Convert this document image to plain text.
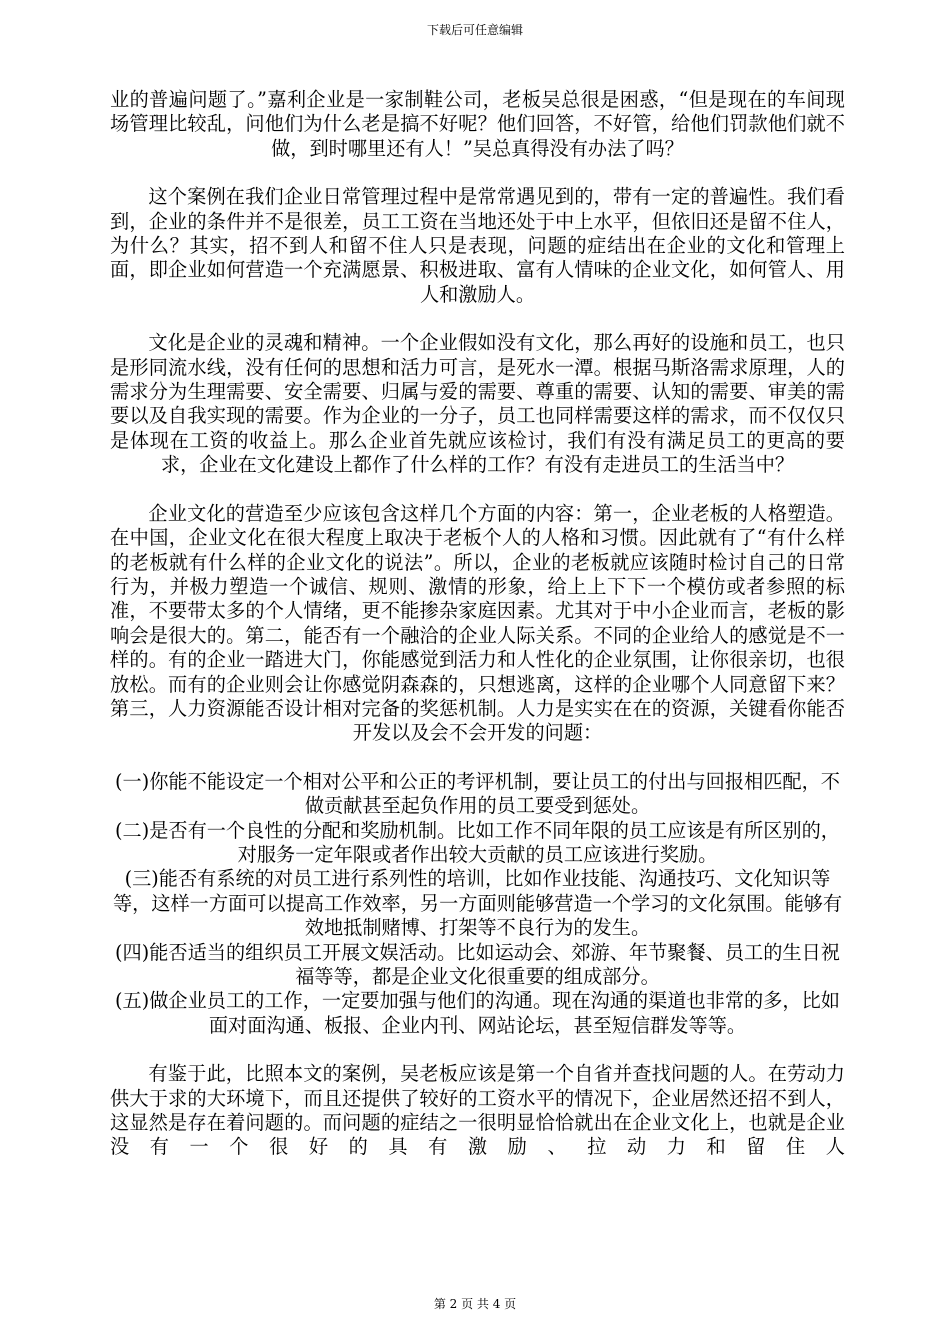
下载后可任意编辑

业的普遍问题了。”嘉利企业是一家制鞋公司，老板吴总很是困惑，“但是现在的车间现场管理比较乱，问他们为什么老是搞不好呢？他们回答，不好管，给他们罚款他们就不做，到时哪里还有人！”吴总真得没有办法了吗？

这个案例在我们企业日常管理过程中是常常遇见到的，带有一定的普遍性。我们看到，企业的条件并不是很差，员工工资在当地还处于中上水平，但依旧还是留不住人，为什么？其实，招不到人和留不住人只是表现，问题的症结出在企业的文化和管理上面，即企业如何营造一个充满愿景、积极进取、富有人情味的企业文化，如何管人、用人和激励人。

文化是企业的灵魂和精神。一个企业假如没有文化，那么再好的设施和员工，也只是形同流水线，没有任何的思想和活力可言，是死水一潭。根据马斯洛需求原理，人的需求分为生理需要、安全需要、归属与爱的需要、尊重的需要、认知的需要、审美的需要以及自我实现的需要。作为企业的一分子，员工也同样需要这样的需求，而不仅仅只是体现在工资的收益上。那么企业首先就应该检讨，我们有没有满足员工的更高的要求，企业在文化建设上都作了什么样的工作？有没有走进员工的生活当中？

企业文化的营造至少应该包含这样几个方面的内容：第一，企业老板的人格塑造。在中国，企业文化在很大程度上取决于老板个人的人格和习惯。因此就有了“有什么样的老板就有什么样的企业文化的说法”。所以，企业的老板就应该随时检讨自己的日常行为，并极力塑造一个诚信、规则、激情的形象，给上上下下一个模仿或者参照的标准，不要带太多的个人情绪，更不能掺杂家庭因素。尤其对于中小企业而言，老板的影响会是很大的。第二，能否有一个融洽的企业人际关系。不同的企业给人的感觉是不一样的。有的企业一踏进大门，你能感觉到活力和人性化的企业氛围，让你很亲切，也很放松。而有的企业则会让你感觉阴森森的，只想逃离，这样的企业哪个人同意留下来？第三，人力资源能否设计相对完备的奖惩机制。人力是实实在在的资源，关键看你能否开发以及会不会开发的问题：

(一)你能不能设定一个相对公平和公正的考评机制，要让员工的付出与回报相匹配，不做贡献甚至起负作用的员工要受到惩处。

(二)是否有一个良性的分配和奖励机制。比如工作不同年限的员工应该是有所区别的，对服务一定年限或者作出较大贡献的员工应该进行奖励。

(三)能否有系统的对员工进行系列性的培训，比如作业技能、沟通技巧、文化知识等等，这样一方面可以提高工作效率，另一方面则能够营造一个学习的文化氛围。能够有效地抵制赌博、打架等不良行为的发生。

(四)能否适当的组织员工开展文娱活动。比如运动会、郊游、年节聚餐、员工的生日祝福等等，都是企业文化很重要的组成部分。

(五)做企业员工的工作，一定要加强与他们的沟通。现在沟通的渠道也非常的多，比如面对面沟通、板报、企业内刊、网站论坛，甚至短信群发等等。

有鉴于此，比照本文的案例，吴老板应该是第一个自省并查找问题的人。在劳动力供大于求的大环境下，而且还提供了较好的工资水平的情况下，企业居然还招不到人，这显然是存在着问题的。而问题的症结之一很明显恰恰就出在企业文化上，也就是企业没有一个很好的具有激励、拉动力和留住人

第 2 页 共 4 页
